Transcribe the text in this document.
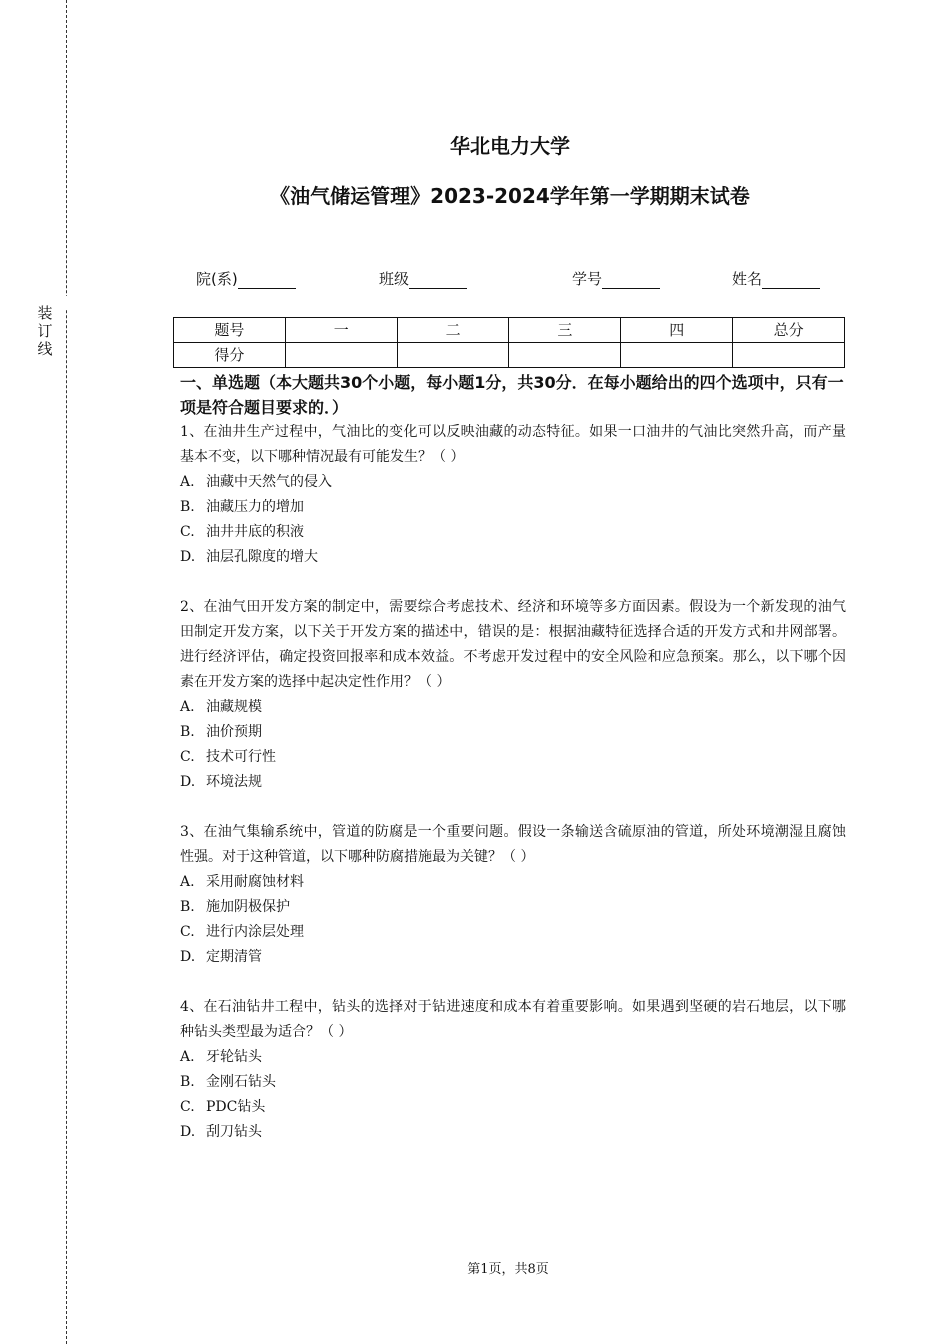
装
订
线
华北电力大学
《油气储运管理》2023-2024学年第一学期期末试卷
院(系)	班级	学号	姓名
题号	一	二	三	四	总分
得分					
一、单选题（本大题共30个小题，每小题1分，共30分．在每小题给出的四个选项中，只有一项是符合题目要求的．）

1、在油井生产过程中，气油比的变化可以反映油藏的动态特征。如果一口油井的气油比突然升高，而产量基本不变，以下哪种情况最有可能发生？（ ）

A. 油藏中天然气的侵入

B. 油藏压力的增加

C. 油井井底的积液

D. 油层孔隙度的增大

2、在油气田开发方案的制定中，需要综合考虑技术、经济和环境等多方面因素。假设为一个新发现的油气田制定开发方案，以下关于开发方案的描述中，错误的是：根据油藏特征选择合适的开发方式和井网部署。进行经济评估，确定投资回报率和成本效益。不考虑开发过程中的安全风险和应急预案。那么，以下哪个因素在开发方案的选择中起决定性作用？（ ）

A. 油藏规模

B. 油价预期

C. 技术可行性

D. 环境法规

3、在油气集输系统中，管道的防腐是一个重要问题。假设一条输送含硫原油的管道，所处环境潮湿且腐蚀性强。对于这种管道，以下哪种防腐措施最为关键？（ ）

A. 采用耐腐蚀材料

B. 施加阴极保护

C. 进行内涂层处理

D. 定期清管

4、在石油钻井工程中，钻头的选择对于钻进速度和成本有着重要影响。如果遇到坚硬的岩石地层，以下哪种钻头类型最为适合？（ ）

A. 牙轮钻头

B. 金刚石钻头

C. PDC钻头

D. 刮刀钻头

第1页，共8页
